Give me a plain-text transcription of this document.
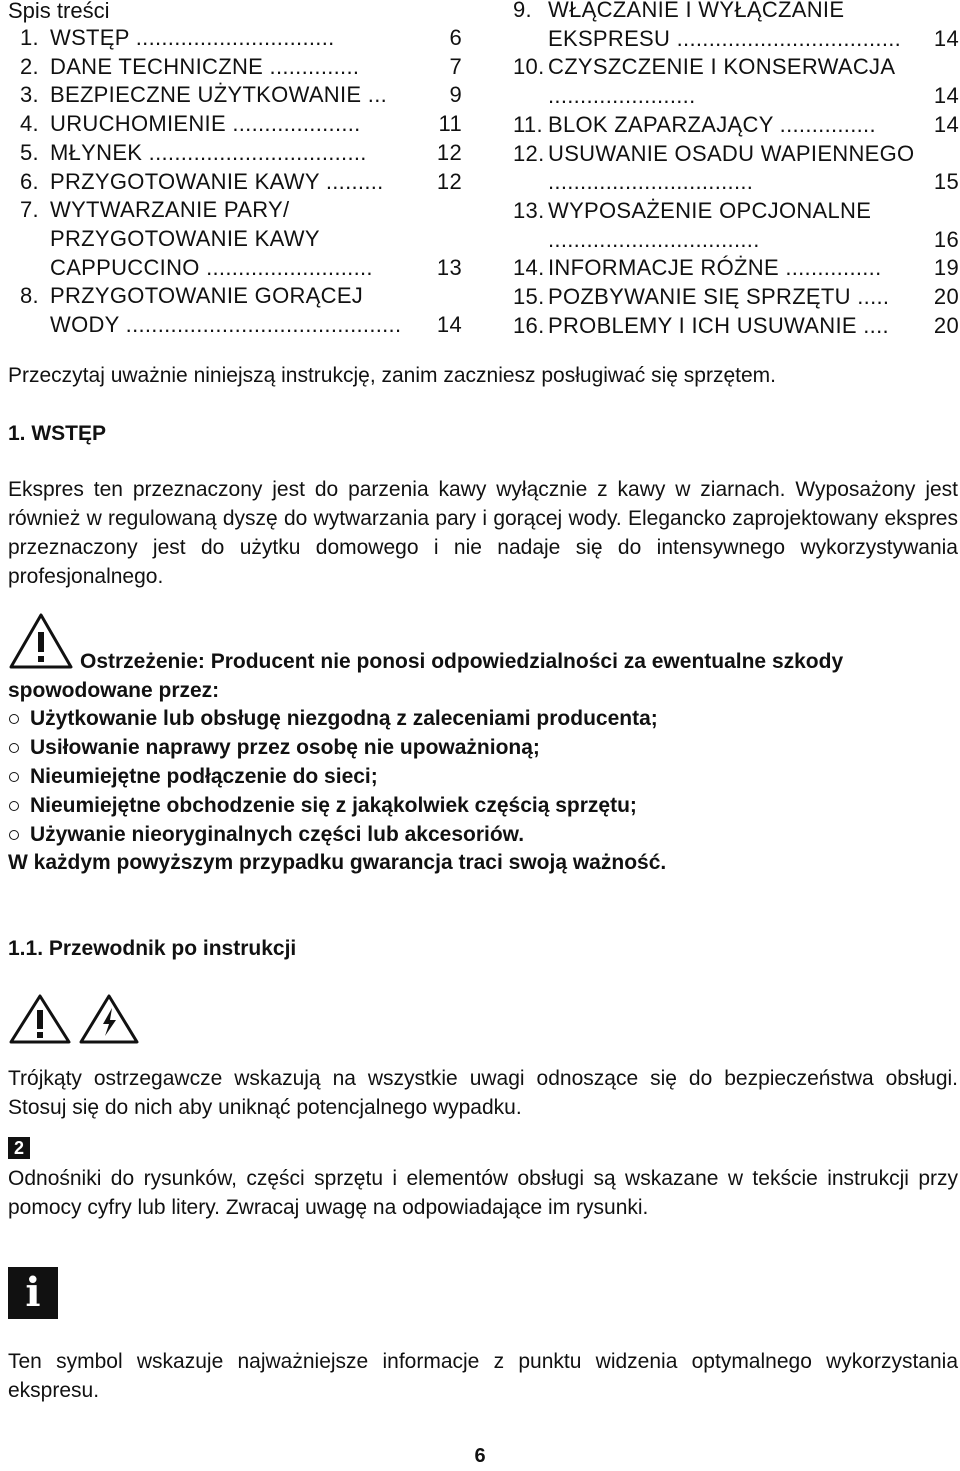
Spis treści
1. WSTĘP ...............................	6
2. DANE TECHNICZNE ..............	7
3. BEZPIECZNE UŻYTKOWANIE ...	9
4. URUCHOMIENIE ....................	11
5. MŁYNEK ..................................	12
6. PRZYGOTOWANIE KAWY .........	12
7. WYTWARZANIE PARY/ PRZYGOTOWANIE KAWY CAPPUCCINO ..........................	13
8. PRZYGOTOWANIE GORĄCEJ WODY ...........................................	14
9. WŁĄCZANIE I WYŁĄCZANIE EKSPRESU ...................................	14
10. CZYSZCZENIE I KONSERWACJA .......................	14
11. BLOK ZAPARZAJĄCY ...............	14
12. USUWANIE OSADU WAPIENNEGO ................................	15
13. WYPOSAŻENIE OPCJONALNE .................................	16
14. INFORMACJE RÓŻNE ...............	19
15. POZBYWANIE SIĘ SPRZĘTU .....	20
16. PROBLEMY I ICH USUWANIE ....	20

Przeczytaj uważnie niniejszą instrukcję, zanim zaczniesz posługiwać się sprzętem.

1. WSTĘP

Ekspres ten przeznaczony jest do parzenia kawy wyłącznie z kawy w ziarnach. Wyposażony jest również w regulowaną dyszę do wytwarzania pary i gorącej wody. Elegancko zaprojektowany ekspres przeznaczony jest do użytku domowego i nie nadaje się do intensywnego wykorzystywania profesjonalnego.

Ostrzeżenie: Producent nie ponosi odpowiedzialności za ewentualne szkody

spowodowane przez:

Użytkowanie lub obsługę niezgodną z zaleceniami producenta;
Usiłowanie naprawy przez osobę nie upoważnioną;
Nieumiejętne podłączenie do sieci;
Nieumiejętne obchodzenie się z jakąkolwiek częścią sprzętu;
Używanie nieoryginalnych części lub akcesoriów.

W każdym powyższym przypadku gwarancja traci swoją ważność.

1.1. Przewodnik po instrukcji

Trójkąty ostrzegawcze wskazują na wszystkie uwagi odnoszące się do bezpieczeństwa obsługi. Stosuj się do nich aby uniknąć potencjalnego wypadku.

2

Odnośniki do rysunków, części sprzętu i elementów obsługi są wskazane w tekście instrukcji przy pomocy cyfry lub litery. Zwracaj uwagę na odpowiadające im rysunki.

i

Ten symbol wskazuje najważniejsze informacje z punktu widzenia optymalnego wykorzystania ekspresu.

6
